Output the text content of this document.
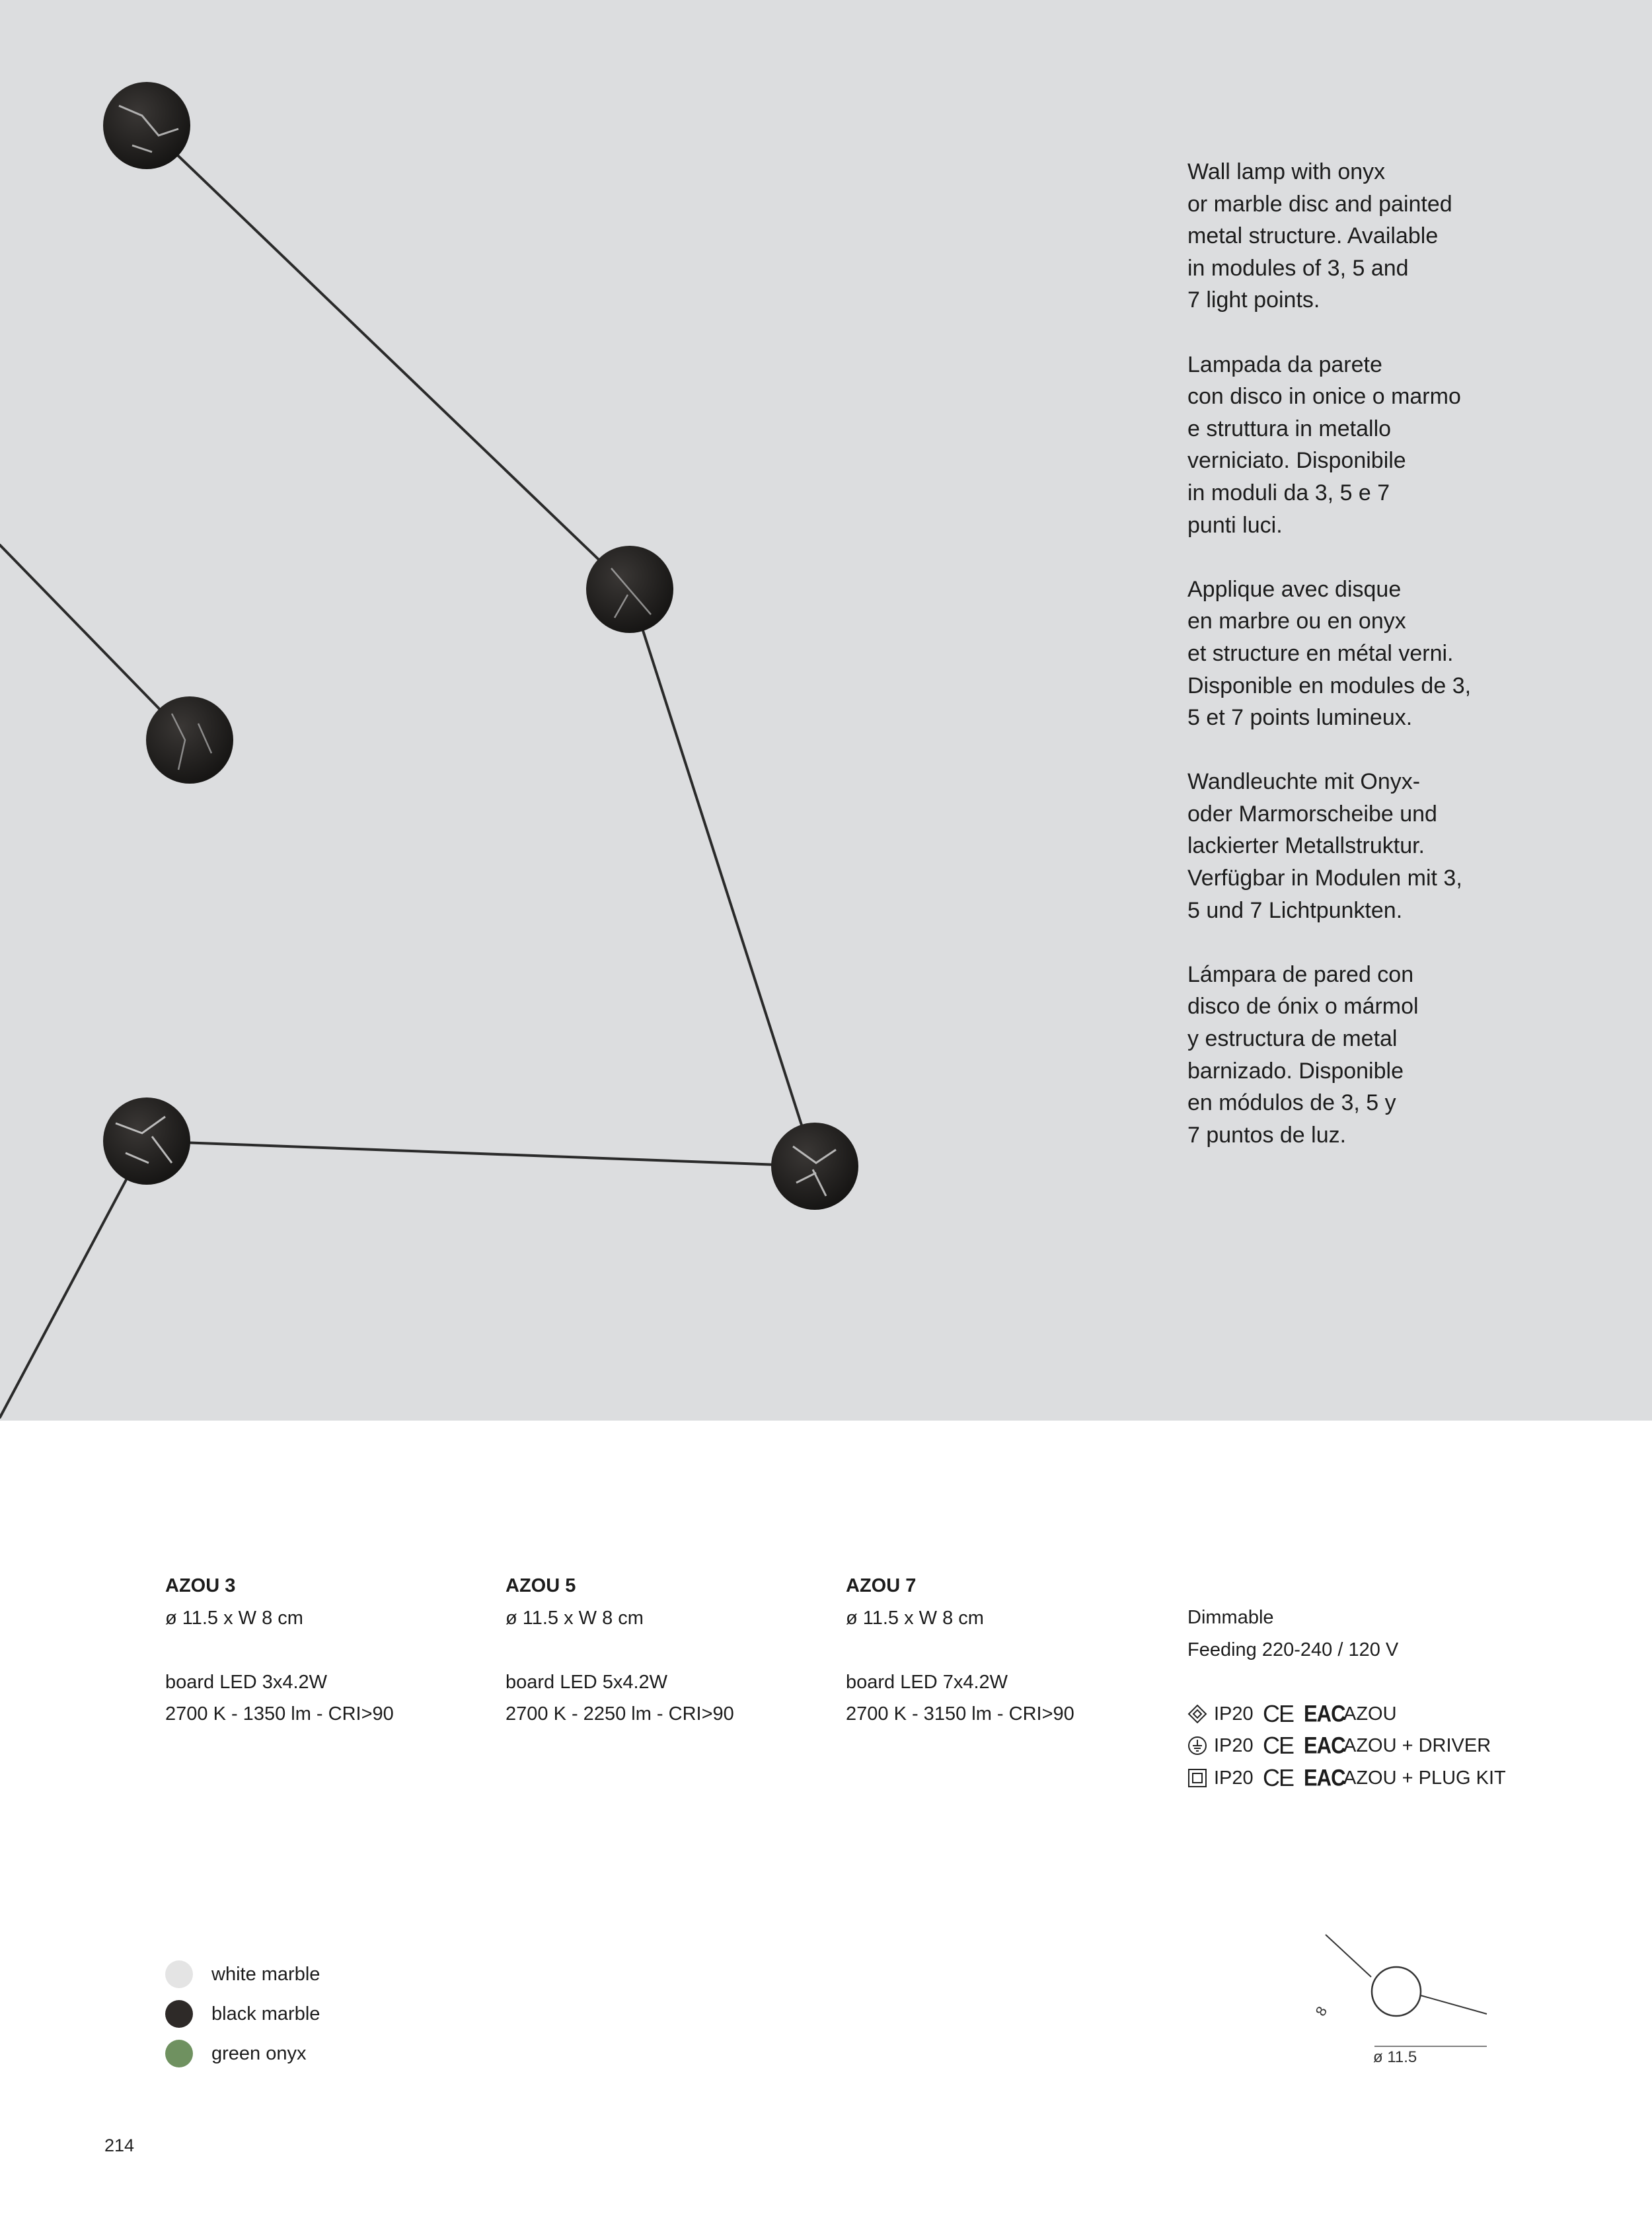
Wall lamp with onyx
or marble disc and painted
metal structure. Available
in modules of 3, 5 and
7 light points.

Lampada da parete
con disco in onice o marmo
e struttura in metallo
verniciato. Disponibile
in moduli da 3, 5 e 7
punti luci.

Applique avec disque
en marbre ou en onyx
et structure en métal verni.
Disponible en modules de 3,
5 et 7 points lumineux.

Wandleuchte mit Onyx-
oder Marmorscheibe und
lackierter Metallstruktur.
Verfügbar in Modulen mit 3,
5 und 7 Lichtpunkten.

Lámpara de pared con
disco de ónix o mármol
y estructura de metal
barnizado. Disponible
en módulos de 3, 5 y
7 puntos de luz.

AZOU 3
ø 11.5 x W 8 cm
board LED 3x4.2W
2700 K - 1350 lm - CRI>90
AZOU 5
ø 11.5 x W 8 cm
board LED 5x4.2W
2700 K - 2250 lm - CRI>90
AZOU 7
ø 11.5 x W 8 cm
board LED 7x4.2W
2700 K - 3150 lm - CRI>90
Dimmable
Feeding 220-240 / 120 V
IP20 CE EAC
AZOU
IP20 CE EAC
AZOU + DRIVER
IP20 CE EAC
AZOU + PLUG KIT
white marble
black marble
green onyx
8
ø 11.5
214
